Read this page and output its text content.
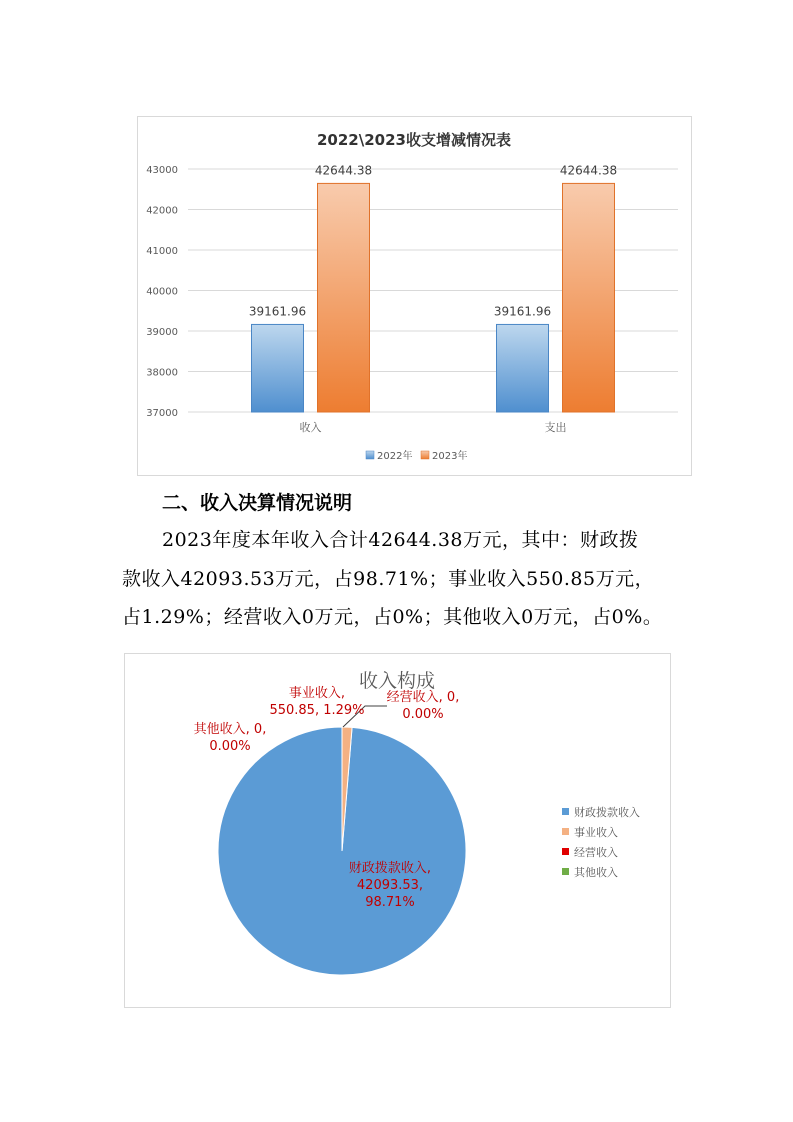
2022\2023收支增减情况表
37000
38000
39000
40000
41000
42000
43000
39161.96
42644.38
39161.96
42644.38
收入	支出
2022年 2023年
二、收入决算情况说明
2023年度本年收入合计42644.38万元，其中：财政拨
款收入42093.53万元，占98.71%；事业收入550.85万元，
占1.29%；经营收入0万元，占0%；其他收入0万元，占0%。
收入构成
财政拨款收入,
42093.53,
98.71%
事业收入,
550.85, 1.29%
经营收入, 0,
0.00%
其他收入, 0,
0.00%
财政拨款收入
事业收入
经营收入
其他收入
